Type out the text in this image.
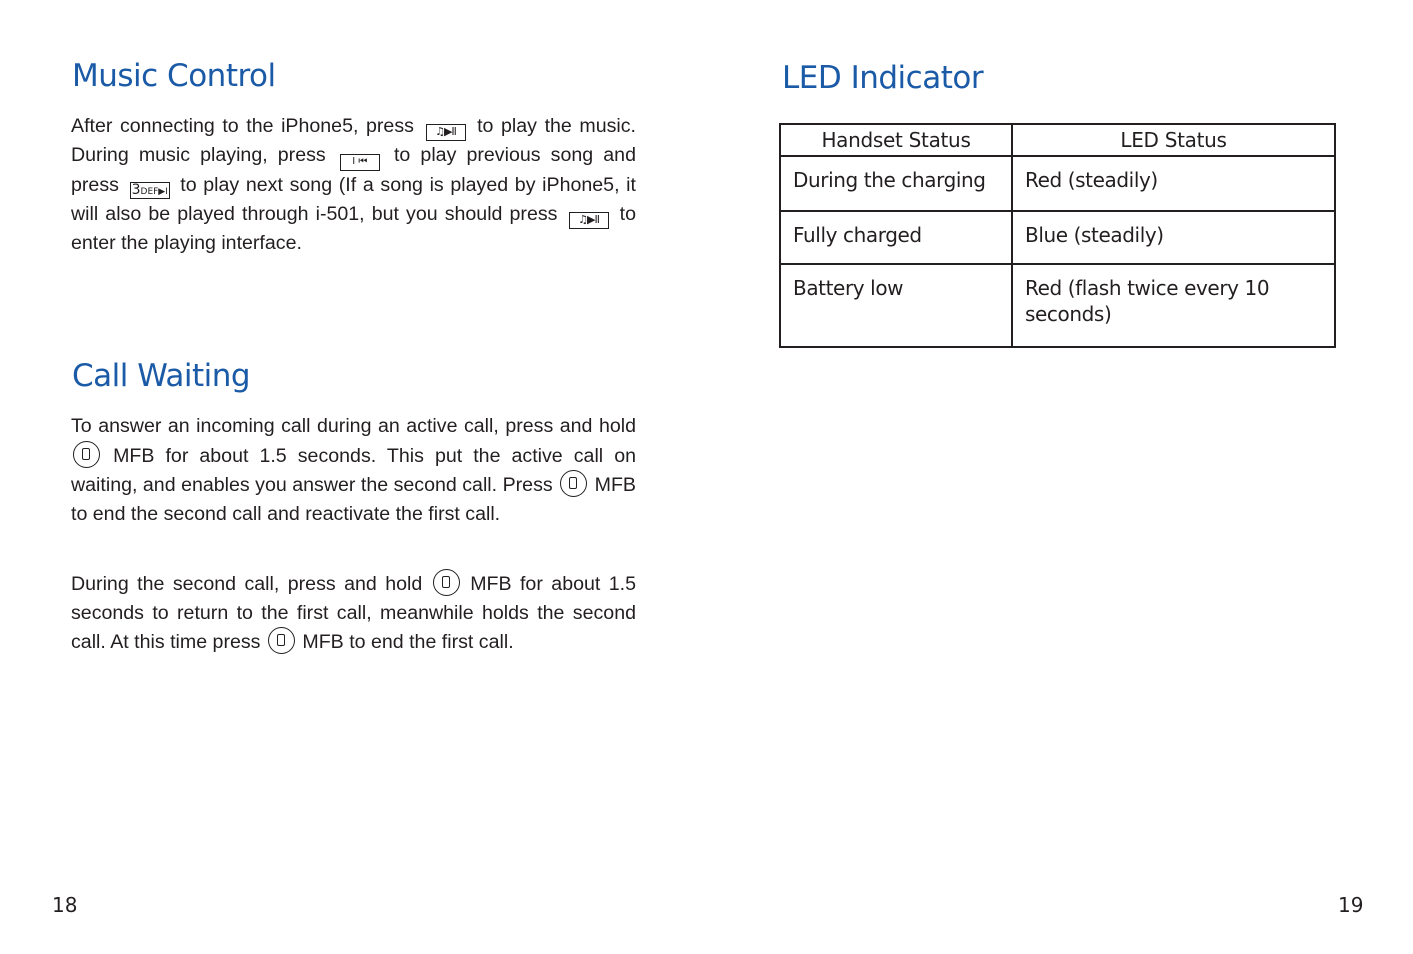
Music Control

After connecting to the iPhone5, press ♫▶II to play the music. During music playing, press	I ⏮ to play previous song and press 3DEF▶I to play next song (If a song is played by iPhone5, it will also be played through i-501, but you should press ♫▶II to enter the playing interface.

Call Waiting

To answer an incoming call during an active call, press and hold  MFB for about 1.5 seconds. This put the active call on waiting, and enables you answer the second call. Press MFB to end the second call and reactivate the first call.

During the second call, press and hold MFB for about 1.5 seconds to return to the first call, meanwhile holds the second call. At this time press MFB to end the first call.

18
LED Indicator
Handset Status	LED Status
During the charging	Red (steadily)
Fully charged	Blue (steadily)
Battery low	Red (flash twice every 10 seconds)
19
